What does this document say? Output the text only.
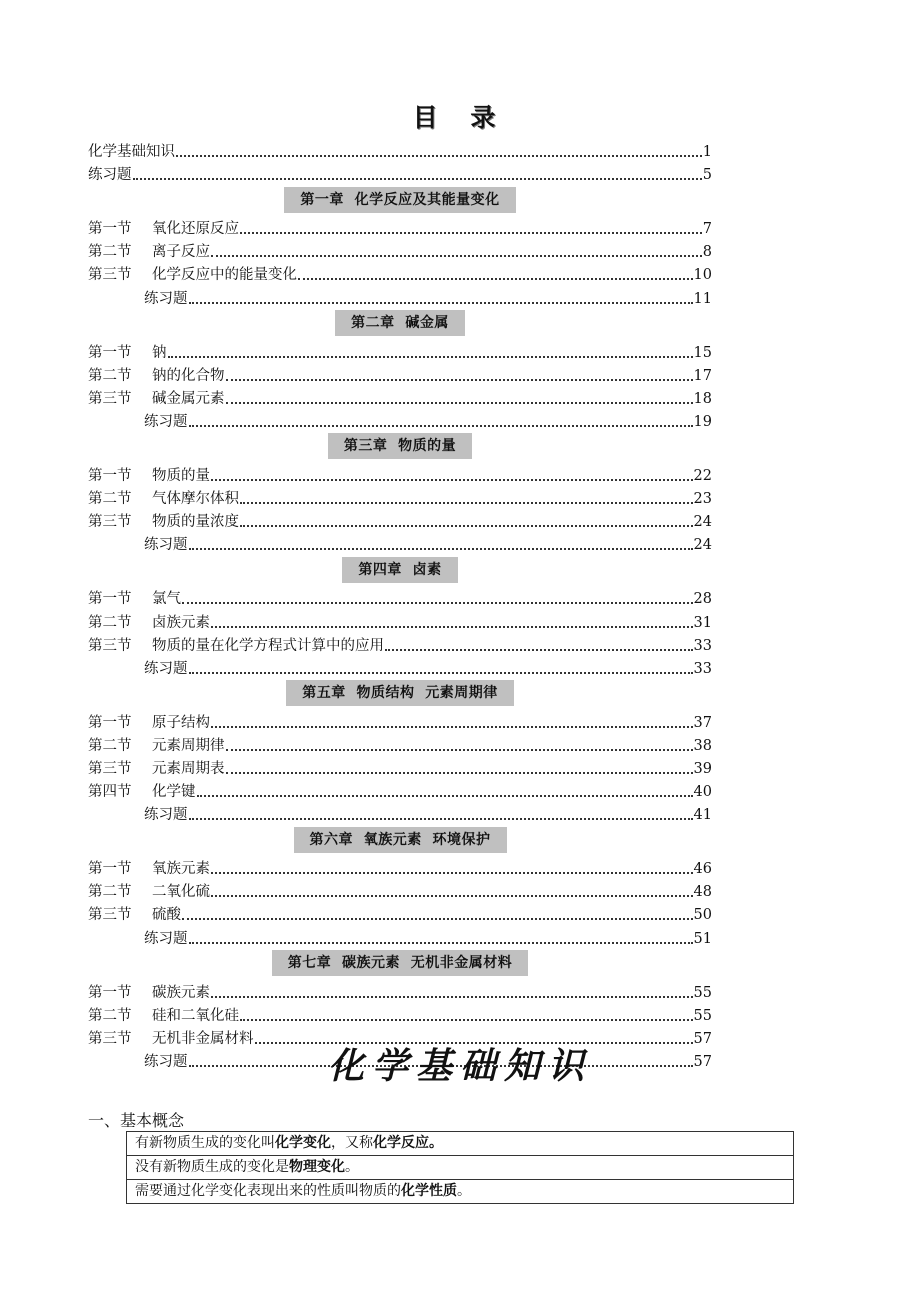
目 录
化学基础知识	1
练习题	5
第一章  化学反应及其能量变化
第一节 氧化还原反应	7
第二节 离子反应	8
第三节 化学反应中的能量变化	10
练习题	11
第二章  碱金属
第一节 钠	15
第二节 钠的化合物	17
第三节 碱金属元素	18
练习题	19
第三章  物质的量
第一节 物质的量	22
第二节 气体摩尔体积	23
第三节 物质的量浓度	24
练习题	24
第四章  卤素
第一节 氯气	28
第二节 卤族元素	31
第三节 物质的量在化学方程式计算中的应用	33
练习题	33
第五章  物质结构  元素周期律
第一节 原子结构	37
第二节 元素周期律	38
第三节 元素周期表	39
第四节 化学键	40
练习题	41
第六章  氧族元素  环境保护
第一节 氧族元素	46
第二节 二氧化硫	48
第三节 硫酸	50
练习题	51
第七章  碳族元素  无机非金属材料
第一节 碳族元素	55
第二节 硅和二氧化硅	55
第三节 无机非金属材料	57
练习题	57
化学基础知识
一、基本概念
有新物质生成的变化叫化学变化，又称化学反应。
没有新物质生成的变化是物理变化。
需要通过化学变化表现出来的性质叫物质的化学性质。
